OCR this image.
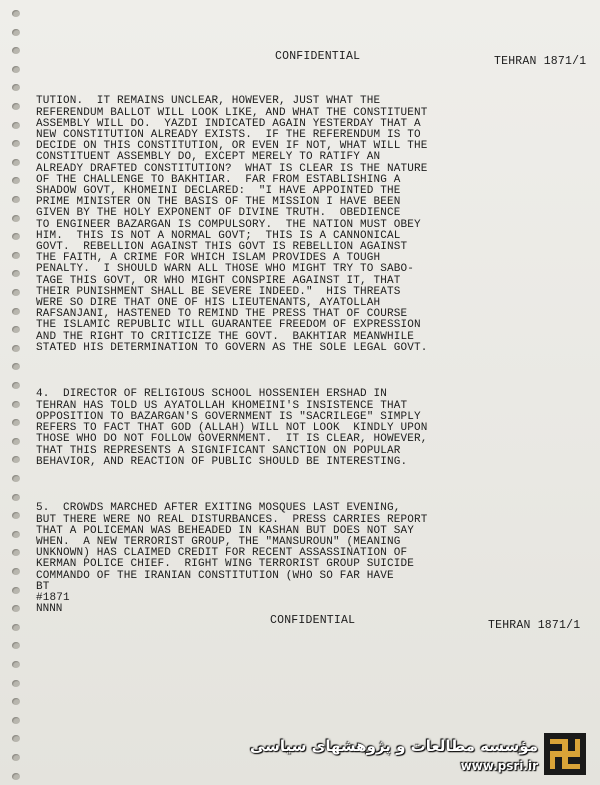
CONFIDENTIAL	TEHRAN 1871/1

TUTION.  IT REMAINS UNCLEAR, HOWEVER, JUST WHAT THE

REFERENDUM BALLOT WILL LOOK LIKE, AND WHAT THE CONSTITUENT

ASSEMBLY WILL DO.  YAZDI INDICATED AGAIN YESTERDAY THAT A

NEW CONSTITUTION ALREADY EXISTS.  IF THE REFERENDUM IS TO

DECIDE ON THIS CONSTITUTION, OR EVEN IF NOT, WHAT WILL THE

CONSTITUENT ASSEMBLY DO, EXCEPT MERELY TO RATIFY AN

ALREADY DRAFTED CONSTITUTION?  WHAT IS CLEAR IS THE NATURE

OF THE CHALLENGE TO BAKHTIAR.  FAR FROM ESTABLISHING A

SHADOW GOVT, KHOMEINI DECLARED:  "I HAVE APPOINTED THE

PRIME MINISTER ON THE BASIS OF THE MISSION I HAVE BEEN

GIVEN BY THE HOLY EXPONENT OF DIVINE TRUTH.  OBEDIENCE

TO ENGINEER BAZARGAN IS COMPULSORY.  THE NATION MUST OBEY

HIM.  THIS IS NOT A NORMAL GOVT;  THIS IS A CANNONICAL

GOVT.  REBELLION AGAINST THIS GOVT IS REBELLION AGAINST

THE FAITH, A CRIME FOR WHICH ISLAM PROVIDES A TOUGH

PENALTY.  I SHOULD WARN ALL THOSE WHO MIGHT TRY TO SABO-

TAGE THIS GOVT, OR WHO MIGHT CONSPIRE AGAINST IT, THAT

THEIR PUNISHMENT SHALL BE SEVERE INDEED."  HIS THREATS

WERE SO DIRE THAT ONE OF HIS LIEUTENANTS, AYATOLLAH

RAFSANJANI, HASTENED TO REMIND THE PRESS THAT OF COURSE

THE ISLAMIC REPUBLIC WILL GUARANTEE FREEDOM OF EXPRESSION

AND THE RIGHT TO CRITICIZE THE GOVT.  BAKHTIAR MEANWHILE

STATED HIS DETERMINATION TO GOVERN AS THE SOLE LEGAL GOVT.

4.  DIRECTOR OF RELIGIOUS SCHOOL HOSSENIEH ERSHAD IN

TEHRAN HAS TOLD US AYATOLLAH KHOMEINI'S INSISTENCE THAT

OPPOSITION TO BAZARGAN'S GOVERNMENT IS "SACRILEGE" SIMPLY

REFERS TO FACT THAT GOD (ALLAH) WILL NOT LOOK  KINDLY UPON

THOSE WHO DO NOT FOLLOW GOVERNMENT.  IT IS CLEAR, HOWEVER,

THAT THIS REPRESENTS A SIGNIFICANT SANCTION ON POPULAR

BEHAVIOR, AND REACTION OF PUBLIC SHOULD BE INTERESTING.

5.  CROWDS MARCHED AFTER EXITING MOSQUES LAST EVENING,

BUT THERE WERE NO REAL DISTURBANCES.  PRESS CARRIES REPORT

THAT A POLICEMAN WAS BEHEADED IN KASHAN BUT DOES NOT SAY

WHEN.  A NEW TERRORIST GROUP, THE "MANSUROUN" (MEANING

UNKNOWN) HAS CLAIMED CREDIT FOR RECENT ASSASSINATION OF

KERMAN POLICE CHIEF.  RIGHT WING TERRORIST GROUP SUICIDE

COMMANDO OF THE IRANIAN CONSTITUTION (WHO SO FAR HAVE

BT

#1871

NNNN
CONFIDENTIAL	TEHRAN 1871/1
مؤسسه مطالعات و پژوهشهای سیاسی
www.psri.ir
